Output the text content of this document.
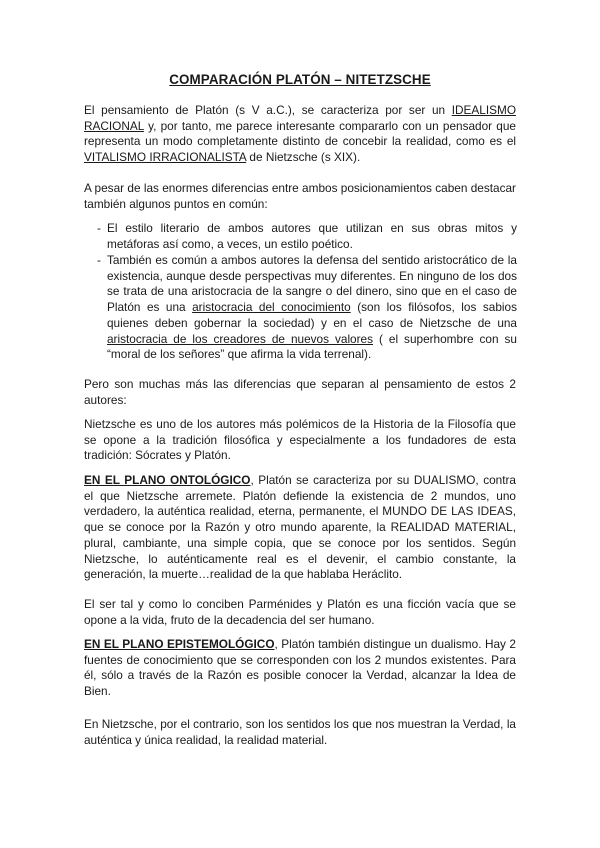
COMPARACIÓN PLATÓN – NITETZSCHE

El pensamiento de Platón (s V a.C.), se caracteriza por ser un IDEALISMO RACIONAL y, por tanto, me parece interesante compararlo con un pensador que representa un modo completamente distinto de concebir la realidad, como es el VITALISMO IRRACIONALISTA de Nietzsche (s XIX).

A pesar de las enormes diferencias entre ambos posicionamientos caben destacar también algunos puntos en común:

- El estilo literario de ambos autores que utilizan en sus obras mitos y metáforas así como, a veces, un estilo poético.
- También es común a ambos autores la defensa del sentido aristocrático de la existencia, aunque desde perspectivas muy diferentes. En ninguno de los dos se trata de una aristocracia de la sangre o del dinero, sino que en el caso de Platón es una aristocracia del conocimiento (son los filósofos, los sabios quienes deben gobernar la sociedad) y en el caso de Nietzsche de una aristocracia de los creadores de nuevos valores ( el superhombre con su “moral de los señores” que afirma la vida terrenal).

Pero son muchas más las diferencias que separan al pensamiento de estos 2 autores:

Nietzsche es uno de los autores más polémicos de la Historia de la Filosofía que se opone a la tradición filosófica y especialmente a los fundadores de esta tradición: Sócrates y Platón.

EN EL PLANO ONTOLÓGICO, Platón se caracteriza por su DUALISMO, contra el que Nietzsche arremete. Platón defiende la existencia de 2 mundos, uno verdadero, la auténtica realidad, eterna, permanente, el MUNDO DE LAS IDEAS, que se conoce por la Razón y otro mundo aparente, la REALIDAD MATERIAL, plural, cambiante, una simple copia, que se conoce por los sentidos. Según Nietzsche, lo auténticamente real es el devenir, el cambio constante, la generación, la muerte…realidad de la que hablaba Heráclito.

El ser tal y como lo conciben Parménides y Platón es una ficción vacía que se opone a la vida, fruto de la decadencia del ser humano.

EN EL PLANO EPISTEMOLÓGICO, Platón también distingue un dualismo. Hay 2 fuentes de conocimiento que se corresponden con los 2 mundos existentes. Para él, sólo a través de la Razón es posible conocer la Verdad, alcanzar la Idea de Bien.

En Nietzsche, por el contrario, son los sentidos los que nos muestran la Verdad, la auténtica y única realidad, la realidad material.
